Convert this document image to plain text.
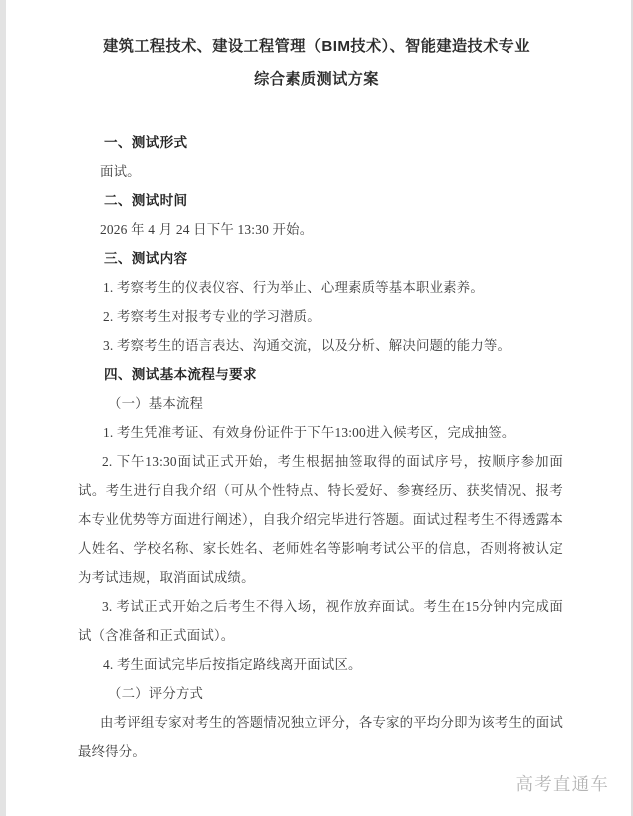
建筑工程技术、建设工程管理（BIM技术）、智能建造技术专业
综合素质测试方案
一、测试形式
面试。
二、测试时间
2026 年 4 月 24 日下午 13:30 开始。
三、测试内容
1. 考察考生的仪表仪容、行为举止、心理素质等基本职业素养。
2. 考察考生对报考专业的学习潜质。
3. 考察考生的语言表达、沟通交流，以及分析、解决问题的能力等。
四、测试基本流程与要求
（一）基本流程
1. 考生凭准考证、有效身份证件于下午13:00进入候考区，完成抽签。
2. 下午13:30面试正式开始，考生根据抽签取得的面试序号，按顺序参加面试。考生进行自我介绍（可从个性特点、特长爱好、参赛经历、获奖情况、报考本专业优势等方面进行阐述），自我介绍完毕进行答题。面试过程考生不得透露本人姓名、学校名称、家长姓名、老师姓名等影响考试公平的信息，否则将被认定为考试违规，取消面试成绩。
3. 考试正式开始之后考生不得入场，视作放弃面试。考生在15分钟内完成面试（含准备和正式面试）。
4. 考生面试完毕后按指定路线离开面试区。
（二）评分方式
由考评组专家对考生的答题情况独立评分，各专家的平均分即为该考生的面试最终得分。
高考直通车
